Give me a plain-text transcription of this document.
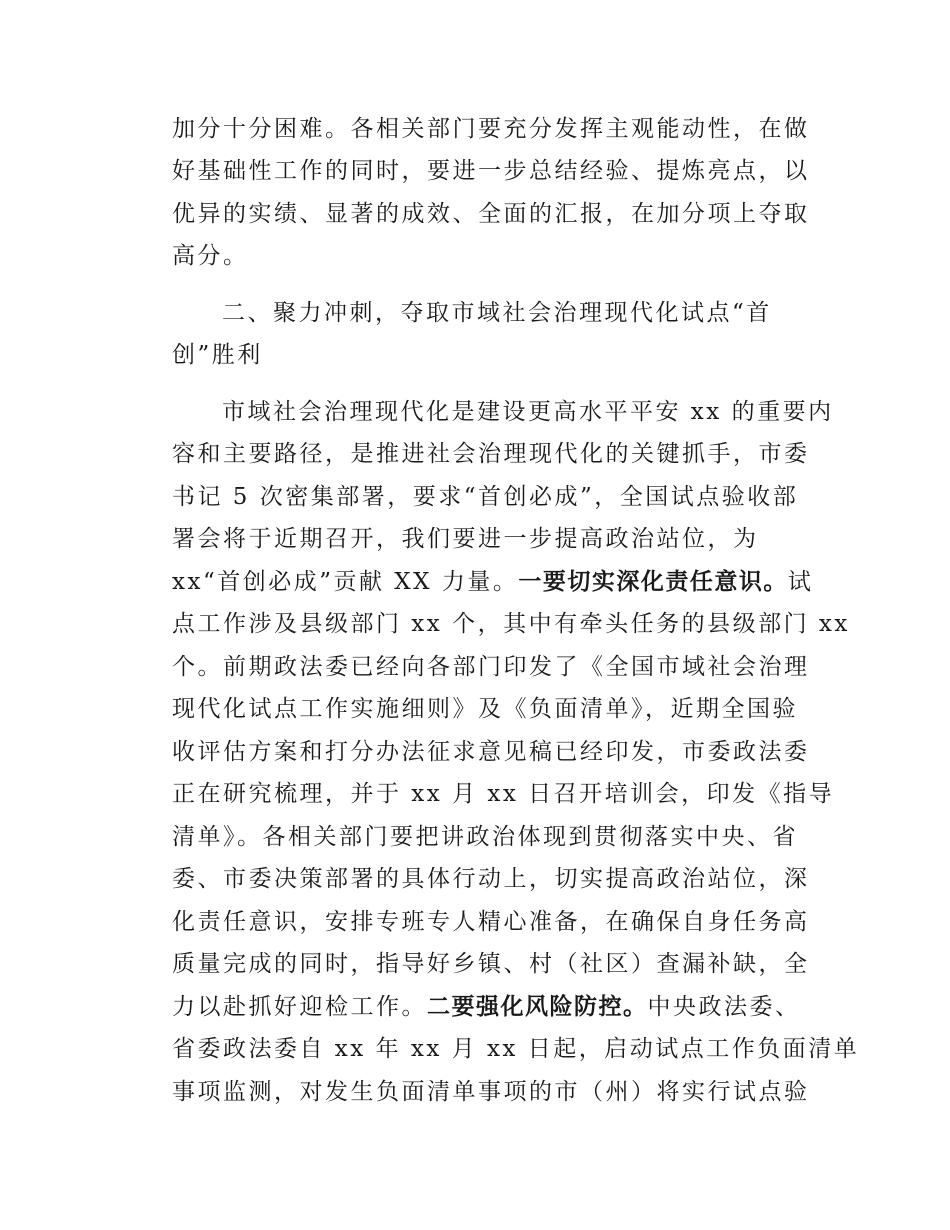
加分十分困难。各相关部门要充分发挥主观能动性，在做
好基础性工作的同时，要进一步总结经验、提炼亮点，以
优异的实绩、显著的成效、全面的汇报，在加分项上夺取
高分。
二、聚力冲刺，夺取市域社会治理现代化试点“首
创”胜利
市域社会治理现代化是建设更高水平平安 xx 的重要内
容和主要路径，是推进社会治理现代化的关键抓手，市委
书记 5 次密集部署，要求“首创必成”，全国试点验收部
署会将于近期召开，我们要进一步提高政治站位，为
xx“首创必成”贡献 XX 力量。一要切实深化责任意识。试
点工作涉及县级部门 xx 个，其中有牵头任务的县级部门 xx
个。前期政法委已经向各部门印发了《全国市域社会治理
现代化试点工作实施细则》及《负面清单》，近期全国验
收评估方案和打分办法征求意见稿已经印发，市委政法委
正在研究梳理，并于 xx 月 xx 日召开培训会，印发《指导
清单》。各相关部门要把讲政治体现到贯彻落实中央、省
委、市委决策部署的具体行动上，切实提高政治站位，深
化责任意识，安排专班专人精心准备，在确保自身任务高
质量完成的同时，指导好乡镇、村（社区）查漏补缺，全
力以赴抓好迎检工作。二要强化风险防控。中央政法委、
省委政法委自 xx 年 xx 月 xx 日起，启动试点工作负面清单
事项监测，对发生负面清单事项的市（州）将实行试点验
